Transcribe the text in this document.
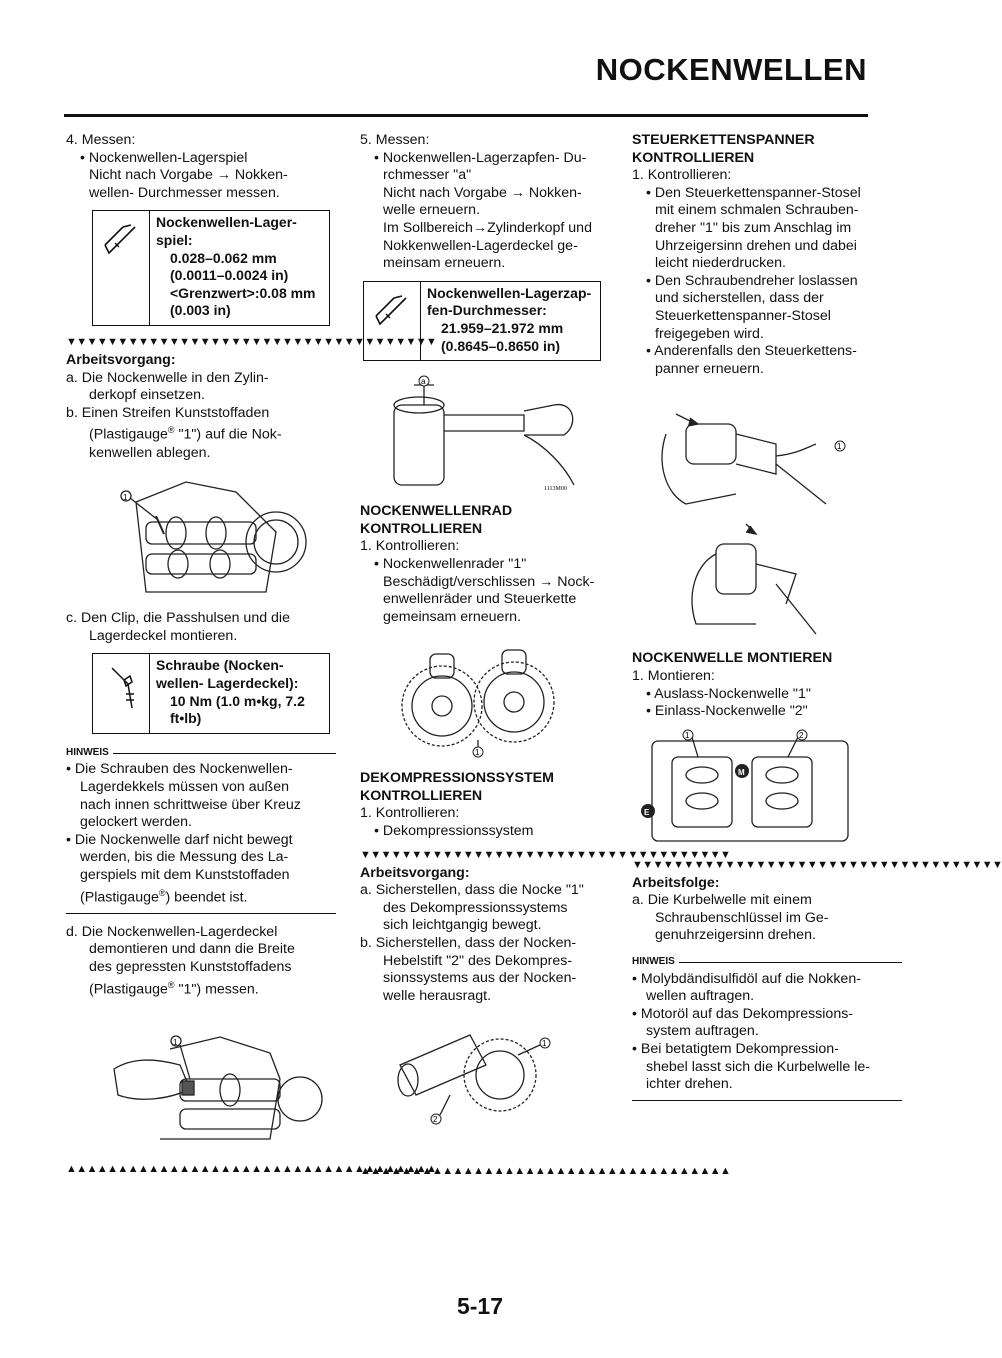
NOCKENWELLEN
4. Messen:
• Nockenwellen-Lagerspiel
Nicht nach Vorgabe → Nokken-
wellen- Durchmesser messen.
Nockenwellen-Lager-
spiel:
0.028–0.062 mm
(0.0011–0.0024 in)
<Grenzwert>:0.08 mm
(0.003 in)
▼▼▼▼▼▼▼▼▼▼▼▼▼▼▼▼▼▼▼▼▼▼▼▼▼▼▼▼▼▼▼▼▼▼▼▼
Arbeitsvorgang:
a. Die Nockenwelle in den Zylin-
derkopf einsetzen.
b. Einen Streifen Kunststoffaden
(Plastigauge® "1") auf die Nok-
kenwellen ablegen.
1
c. Den Clip, die Passhulsen und die
Lagerdeckel montieren.
Schraube (Nocken-
wellen- Lagerdeckel):
10 Nm (1.0 m•kg, 7.2
ft•lb)
HINWEIS
• Die Schrauben des Nockenwellen-
Lagerdekkels müssen von außen
nach innen schrittweise über Kreuz
gelockert werden.
• Die Nockenwelle darf nicht bewegt
werden, bis die Messung des La-
gerspiels mit dem Kunststoffaden
(Plastigauge®) beendet ist.
d. Die Nockenwellen-Lagerdeckel
demontieren und dann die Breite
des gepressten Kunststoffadens
(Plastigauge® "1") messen.
1
▲▲▲▲▲▲▲▲▲▲▲▲▲▲▲▲▲▲▲▲▲▲▲▲▲▲▲▲▲▲▲▲▲▲▲▲
5. Messen:
• Nockenwellen-Lagerzapfen- Du-
rchmesser "a"
Nicht nach Vorgabe → Nokken-
welle erneuern.
Im Sollbereich→Zylinderkopf und
Nokkenwellen-Lagerdeckel ge-
meinsam erneuern.
Nockenwellen-Lagerzap-
fen-Durchmesser:
21.959–21.972 mm
(0.8645–0.8650 in)
a
1113M00
NOCKENWELLENRAD
KONTROLLIEREN
1. Kontrollieren:
• Nockenwellenrader "1"
Beschädigt/verschlissen → Nock-
enwellenräder und Steuerkette
gemeinsam erneuern.
1
DEKOMPRESSIONSSYSTEM
KONTROLLIEREN
1. Kontrollieren:
• Dekompressionssystem
▼▼▼▼▼▼▼▼▼▼▼▼▼▼▼▼▼▼▼▼▼▼▼▼▼▼▼▼▼▼▼▼▼▼▼▼
Arbeitsvorgang:
a. Sicherstellen, dass die Nocke "1"
des Dekompressionssystems
sich leichtgangig bewegt.
b. Sicherstellen, dass der Nocken-
Hebelstift "2" des Dekompres-
sionssystems aus der Nocken-
welle herausragt.
1
2
▲▲▲▲▲▲▲▲▲▲▲▲▲▲▲▲▲▲▲▲▲▲▲▲▲▲▲▲▲▲▲▲▲▲▲▲
STEUERKETTENSPANNER
KONTROLLIEREN
1. Kontrollieren:
• Den Steuerkettenspanner-Stosel
mit einem schmalen Schrauben-
dreher "1" bis zum Anschlag im
Uhrzeigersinn drehen und dabei
leicht niederdrucken.
• Den Schraubendreher loslassen
und sicherstellen, dass der
Steuerkettenspanner-Stosel
freigegeben wird.
• Anderenfalls den Steuerkettens-
panner erneuern.
1
NOCKENWELLE MONTIEREN
1. Montieren:
• Auslass-Nockenwelle "1"
• Einlass-Nockenwelle "2"
1	2
M
E
▼▼▼▼▼▼▼▼▼▼▼▼▼▼▼▼▼▼▼▼▼▼▼▼▼▼▼▼▼▼▼▼▼▼▼▼
Arbeitsfolge:
a. Die Kurbelwelle mit einem
Schraubenschlüssel im Ge-
genuhrzeigersinn drehen.
HINWEIS
• Molybdändisulfidöl auf die Nokken-
wellen auftragen.
• Motoröl auf das Dekompressions-
system auftragen.
• Bei betatigtem Dekompression-
shebel lasst sich die Kurbelwelle le-
ichter drehen.
5-17
